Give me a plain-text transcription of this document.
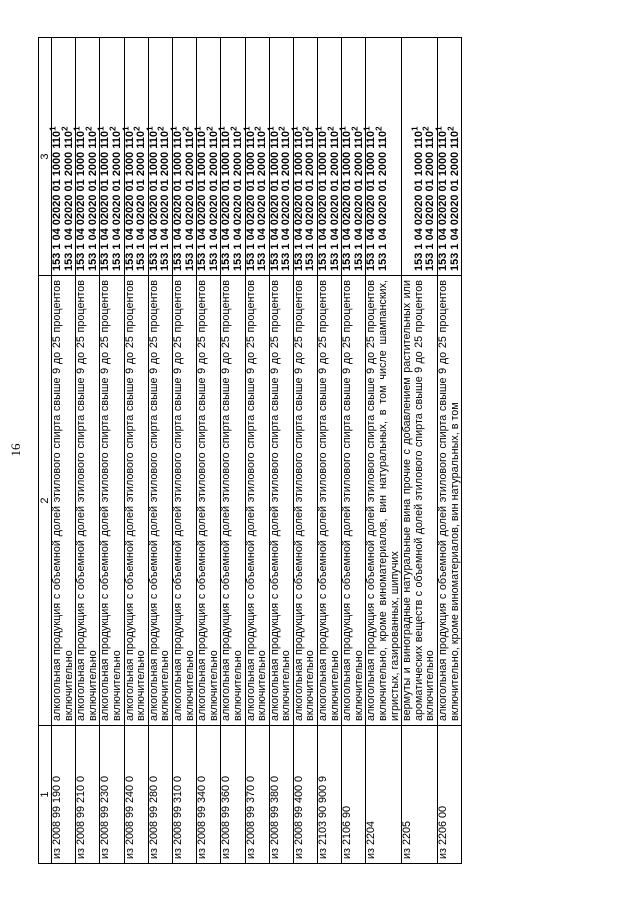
16
1	2	3
из 2008 99 190 0	алкогольная продукция с объемной долей этилового спирта свыше 9 до 25 процентов включительно	153 1 04 02020 01 1000 $110^1$
153 1 04 02020 01 2000 $110^2$

из 2008 99 210 0	алкогольная продукция с объемной долей этилового спирта свыше 9 до 25 процентов включительно	153 1 04 02020 01 1000 $110^1$
153 1 04 02020 01 2000 $110^2$

из 2008 99 230 0	алкогольная продукция с объемной долей этилового спирта свыше 9 до 25 процентов включительно	153 1 04 02020 01 1000 $110^1$
153 1 04 02020 01 2000 $110^2$

из 2008 99 240 0	алкогольная продукция с объемной долей этилового спирта свыше 9 до 25 процентов включительно	153 1 04 02020 01 1000 $110^1$
153 1 04 02020 01 2000 $110^2$

из 2008 99 280 0	алкогольная продукция с объемной долей этилового спирта свыше 9 до 25 процентов включительно	153 1 04 02020 01 1000 $110^1$
153 1 04 02020 01 2000 $110^2$

из 2008 99 310 0	алкогольная продукция с объемной долей этилового спирта свыше 9 до 25 процентов включительно	153 1 04 02020 01 1000 $110^1$
153 1 04 02020 01 2000 $110^2$

из 2008 99 340 0	алкогольная продукция с объемной долей этилового спирта свыше 9 до 25 процентов включительно	153 1 04 02020 01 1000 $110^1$
153 1 04 02020 01 2000 $110^2$

из 2008 99 360 0	алкогольная продукция с объемной долей этилового спирта свыше 9 до 25 процентов включительно	153 1 04 02020 01 1000 $110^1$
153 1 04 02020 01 2000 $110^2$

из 2008 99 370 0	алкогольная продукция с объемной долей этилового спирта свыше 9 до 25 процентов включительно	153 1 04 02020 01 1000 $110^1$
153 1 04 02020 01 2000 $110^2$

из 2008 99 380 0	алкогольная продукция с объемной долей этилового спирта свыше 9 до 25 процентов включительно	153 1 04 02020 01 1000 $110^1$
153 1 04 02020 01 2000 $110^2$

из 2008 99 400 0	алкогольная продукция с объемной долей этилового спирта свыше 9 до 25 процентов включительно	153 1 04 02020 01 1000 $110^1$
153 1 04 02020 01 2000 $110^2$

из 2103 90 900 9	алкогольная продукция с объемной долей этилового спирта свыше 9 до 25 процентов включительно	153 1 04 02020 01 1000 $110^1$
153 1 04 02020 01 2000 $110^2$

из 2106 90	алкогольная продукция с объемной долей этилового спирта свыше 9 до 25 процентов включительно	153 1 04 02020 01 1000 $110^1$
153 1 04 02020 01 2000 $110^2$

из 2204	алкогольная продукция с объемной долей этилового спирта свыше 9 до 25 процентов включительно, кроме виноматериалов, вин натуральных, в том числе шампанских, игристых, газированных, шипучих	153 1 04 02020 01 1000 $110^1$
153 1 04 02020 01 2000 $110^2$

из 2205	вермуты и виноградные натуральные вина прочие с добавлением растительных или ароматических веществ с объемной долей этилового спирта свыше 9 до 25 процентов включительно	153 1 04 02020 01 1000 $110^1$
153 1 04 02020 01 2000 $110^2$

из 2206 00	алкогольная продукция с объемной долей этилового спирта свыше 9 до 25 процентов включительно, кроме виноматериалов, вин натуральных, в том	153 1 04 02020 01 1000 $110^1$
153 1 04 02020 01 2000 $110^2$
